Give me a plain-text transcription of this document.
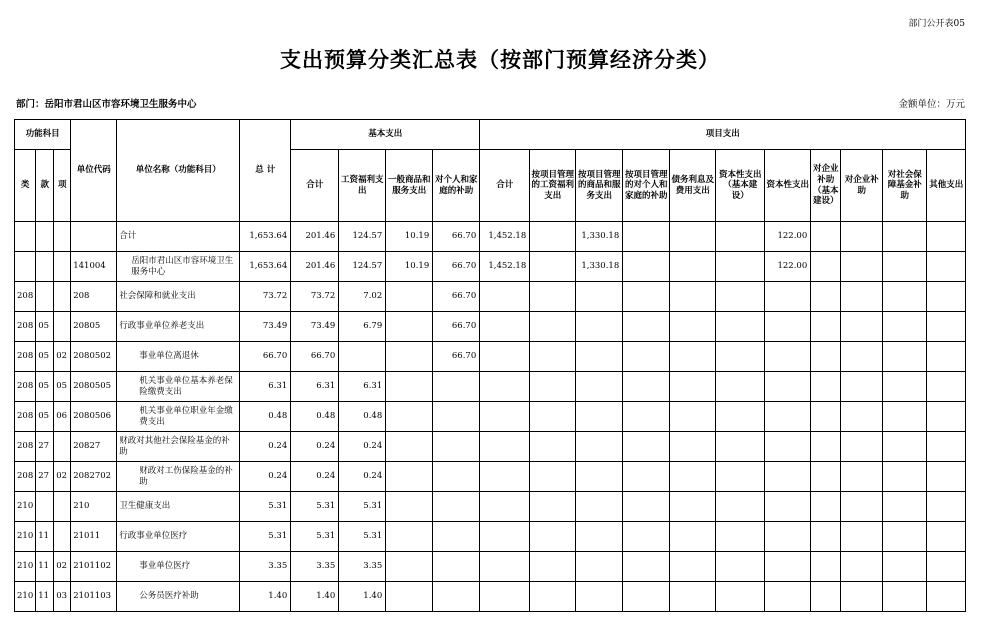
部门公开表05
支出预算分类汇总表（按部门预算经济分类）
部门：岳阳市君山区市容环境卫生服务中心	金额单位：万元
功能科目			单位代码	单位名称（功能科目）	总 计	基本支出				项目支出										
类	款	项				合计	工资福利支出	一般商品和服务支出	对个人和家庭的补助	合计	按项目管理的工资福利支出	按项目管理的商品和服务支出	按项目管理的对个人和家庭的补助	债务利息及费用支出	资本性支出（基本建设）	资本性支出	对企业补助（基本建设）	对企业补助	对社会保障基金补助	其他支出
				合计	1,653.64	201.46	124.57	10.19	66.70	1,452.18		1,330.18				122.00				
			141004	岳阳市君山区市容环境卫生服务中心	1,653.64	201.46	124.57	10.19	66.70	1,452.18		1,330.18				122.00				
208			208	社会保障和就业支出	73.72	73.72	7.02		66.70											
208	05		20805	行政事业单位养老支出	73.49	73.49	6.79		66.70											
208	05	02	2080502	事业单位离退休	66.70	66.70			66.70											
208	05	05	2080505	机关事业单位基本养老保险缴费支出	6.31	6.31	6.31													
208	05	06	2080506	机关事业单位职业年金缴费支出	0.48	0.48	0.48													
208	27		20827	财政对其他社会保险基金的补助	0.24	0.24	0.24													
208	27	02	2082702	财政对工伤保险基金的补助	0.24	0.24	0.24													
210			210	卫生健康支出	5.31	5.31	5.31													
210	11		21011	行政事业单位医疗	5.31	5.31	5.31													
210	11	02	2101102	事业单位医疗	3.35	3.35	3.35													
210	11	03	2101103	公务员医疗补助	1.40	1.40	1.40													
